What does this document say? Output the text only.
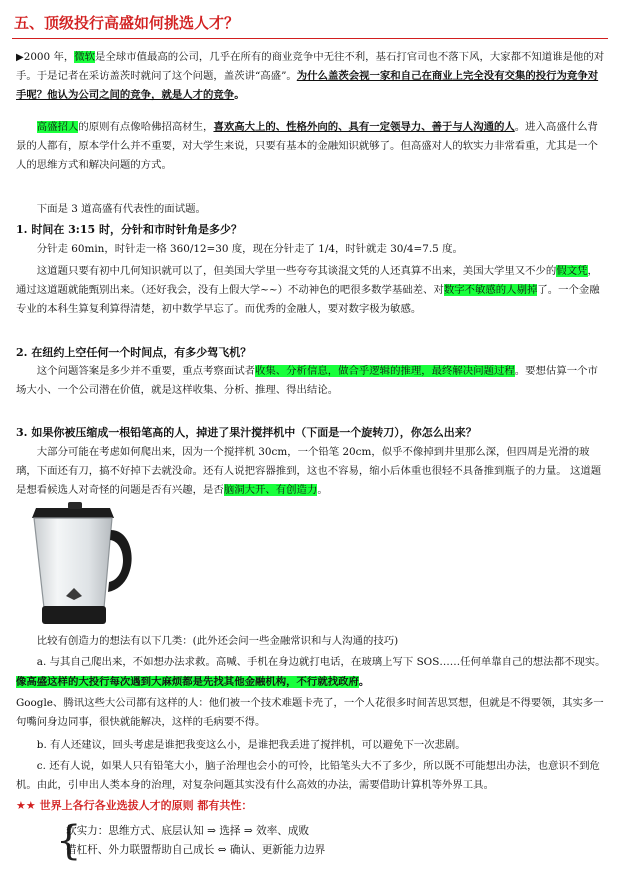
五、顶级投行高盛如何挑选人才？
▶2000 年，微软是全球市值最高的公司，几乎在所有的商业竞争中无往不利，基石打官司也不落下风，大家都不知道谁是他的对手。于是记者在采访盖茨时就问了这个问题，盖茨讲“高盛”。为什么盖茨会视一家和自己在商业上完全没有交集的投行为竞争对手呢？他认为公司之间的竞争，就是人才的竞争。
高盛招人的原则有点像哈佛招高材生，喜欢高大上的、性格外向的、具有一定领导力、善于与人沟通的人。进入高盛什么背景的人都有，原本学什么并不重要，对大学生来说，只要有基本的金融知识就够了。但高盛对人的软实力非常看重，尤其是一个人的思维方式和解决问题的方式。
下面是 3 道高盛有代表性的面试题。
1. 时间在 3:15 时，分针和市时针角是多少？
分针走 60min，时针走一格 360/12=30 度，现在分针走了 1/4，时针就走 30/4=7.5 度。
这道题只要有初中几何知识就可以了，但美国大学里一些夸夸其谈混文凭的人还真算不出来，美国大学里又不少的假文凭，通过这道题就能甄别出来。（还好我会，没有上假大学~~）不动神色的吧很多数学基础差、对数字不敏感的人剔掉了。一个金融专业的本科生算复利算得清楚，初中数学早忘了。而优秀的金融人，要对数字极为敏感。
2. 在纽约上空任何一个时间点，有多少驾飞机？
这个问题答案是多少并不重要，重点考察面试者收集、分析信息，做合乎逻辑的推理，最终解决问题过程。要想估算一个市场大小、一个公司潜在价值，就是这样收集、分析、推理、得出结论。
3. 如果你被压缩成一根铅笔高的人，掉进了果汁搅拌机中（下面是一个旋转刀），你怎么出来？
大部分可能在考虑如何爬出来，因为一个搅拌机 30cm，一个铅笔 20cm，似乎不像掉到井里那么深，但四周是光滑的玻璃，下面还有刀，搞不好掉下去就没命。还有人说把容器推到，这也不容易，缩小后体重也很轻不具备推到瓶子的力量。 这道题是想看候选人对奇怪的问题是否有兴趣，是否脑洞大开、有创造力。
比较有创造力的想法有以下几类：(此外还会问一些金融常识和与人沟通的技巧)
a. 与其自己爬出来，不如想办法求救。高喊、手机在身边就打电话，在玻璃上写下 SOS……任何单靠自己的想法都不现实。
像高盛这样的大投行每次遇到大麻烦都是先找其他金融机构，不行就找政府。
Google、腾讯这些大公司都有这样的人：他们被一个技术难题卡壳了，一个人花很多时间苦思冥想，但就是不得要领，其实多一句嘴问身边同事，很快就能解决，这样的毛病要不得。
b. 有人还建议，回头考虑是谁把我变这么小，是谁把我丢进了搅拌机，可以避免下一次悲剧。
c. 还有人说，如果人只有铅笔大小，脑子治理也会小的可怜，比铅笔头大不了多少，所以既不可能想出办法，也意识不到危机。由此，引申出人类本身的治理，对复杂问题其实没有什么高效的办法，需要借助计算机等外界工具。
★★ 世界上各行各业选拔人才的原则 都有共性：
{
软实力：思维方式、底层认知 ⇒ 选择 ⇒ 效率、成败
借杠杆、外力联盟帮助自己成长 ⇔ 确认、更新能力边界
